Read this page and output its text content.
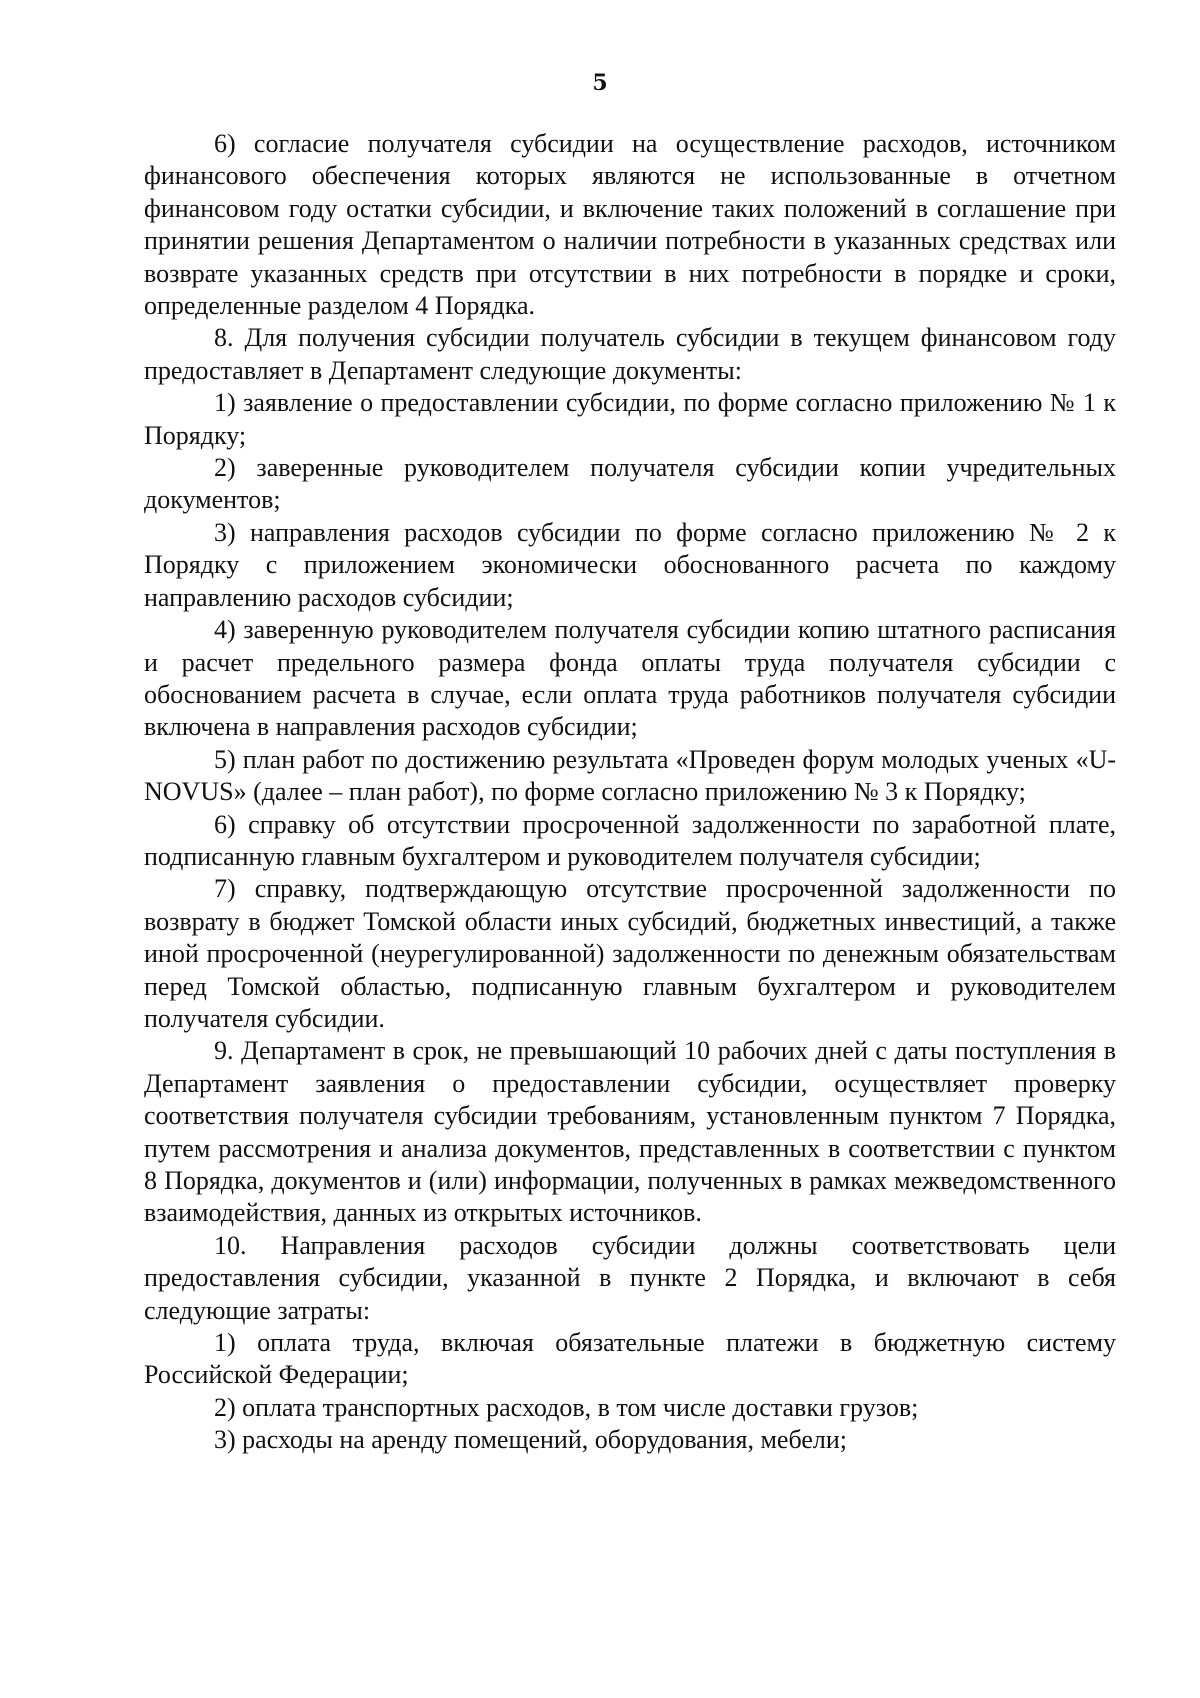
5

6) согласие получателя субсидии на осуществление расходов, источником финансового обеспечения которых являются не использованные в отчетном финансовом году остатки субсидии, и включение таких положений в соглашение при принятии решения Департаментом о наличии потребности в указанных средствах или возврате указанных средств при отсутствии в них потребности в порядке и сроки, определенные разделом 4 Порядка.

8. Для получения субсидии получатель субсидии в текущем финансовом году предоставляет в Департамент следующие документы:

1) заявление о предоставлении субсидии, по форме согласно приложению № 1 к Порядку;

2) заверенные руководителем получателя субсидии копии учредительных документов;

3) направления расходов субсидии по форме согласно приложению № 2 к Порядку с приложением экономически обоснованного расчета по каждому направлению расходов субсидии;

4) заверенную руководителем получателя субсидии копию штатного расписания и расчет предельного размера фонда оплаты труда получателя субсидии с обоснованием расчета в случае, если оплата труда работников получателя субсидии включена в направления расходов субсидии;

5) план работ по достижению результата «Проведен форум молодых ученых «U-NOVUS» (далее – план работ), по форме согласно приложению № 3 к Порядку;

6) справку об отсутствии просроченной задолженности по заработной плате, подписанную главным бухгалтером и руководителем получателя субсидии;

7) справку, подтверждающую отсутствие просроченной задолженности по возврату в бюджет Томской области иных субсидий, бюджетных инвестиций, а также иной просроченной (неурегулированной) задолженности по денежным обязательствам перед Томской областью, подписанную главным бухгалтером и руководителем получателя субсидии.

9. Департамент в срок, не превышающий 10 рабочих дней с даты поступления в Департамент заявления о предоставлении субсидии, осуществляет проверку соответствия получателя субсидии требованиям, установленным пунктом 7 Порядка, путем рассмотрения и анализа документов, представленных в соответствии с пунктом 8 Порядка, документов и (или) информации, полученных в рамках межведомственного взаимодействия, данных из открытых источников.

10. Направления расходов субсидии должны соответствовать цели предоставления субсидии, указанной в пункте 2 Порядка, и включают в себя следующие затраты:

1) оплата труда, включая обязательные платежи в бюджетную систему Российской Федерации;

2) оплата транспортных расходов, в том числе доставки грузов;

3) расходы на аренду помещений, оборудования, мебели;
